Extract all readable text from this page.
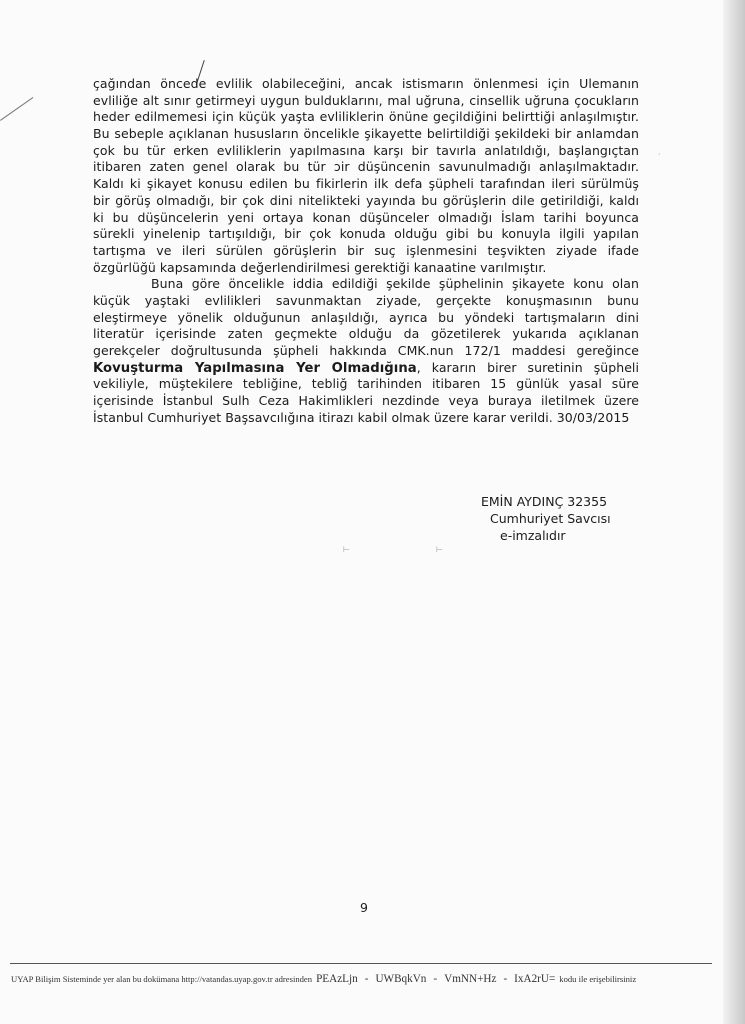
çağından öncede evlilik olabileceğini, ancak istismarın önlenmesi için Ulemanın
evliliğe alt sınır getirmeyi uygun bulduklarını, mal uğruna, cinsellik uğruna çocukların
heder edilmemesi için küçük yaşta evliliklerin önüne geçildiğini belirttiği anlaşılmıştır.
Bu sebeple açıklanan hususların öncelikle şikayette belirtildiği şekildeki bir anlamdan
çok bu tür erken evliliklerin yapılmasına karşı bir tavırla anlatıldığı, başlangıçtan
itibaren zaten genel olarak bu tür ɔir düşüncenin savunulmadığı anlaşılmaktadır.
Kaldı ki şikayet konusu edilen bu fikirlerin ilk defa şüpheli tarafından ileri sürülmüş
bir görüş olmadığı, bir çok dini nitelikteki yayında bu görüşlerin dile getirildiği, kaldı
ki bu düşüncelerin yeni ortaya konan düşünceler olmadığı İslam tarihi boyunca
sürekli yinelenip tartışıldığı, bir çok konuda olduğu gibi bu konuyla ilgili yapılan
tartışma ve ileri sürülen görüşlerin bir suç işlenmesini teşvikten ziyade ifade
özgürlüğü kapsamında değerlendirilmesi gerektiği kanaatine varılmıştır.
Buna göre öncelikle iddia edildiği şekilde şüphelinin şikayete konu olan
küçük yaştaki evlilikleri savunmaktan ziyade, gerçekte konuşmasının bunu
eleştirmeye yönelik olduğunun anlaşıldığı, ayrıca bu yöndeki tartışmaların dini
literatür içerisinde zaten geçmekte olduğu da gözetilerek yukarıda açıklanan
gerekçeler doğrultusunda şüpheli hakkında CMK.nun 172/1 maddesi gereğince
Kovuşturma Yapılmasına Yer Olmadığına, kararın birer suretinin şüpheli
vekiliyle, müştekilere tebliğine, tebliğ tarihinden itibaren 15 günlük yasal süre
içerisinde İstanbul Sulh Ceza Hakimlikleri nezdinde veya buraya iletilmek üzere
İstanbul Cumhuriyet Başsavcılığına itirazı kabil olmak üzere karar verildi. 30/03/2015
EMİN AYDINÇ 32355
Cumhuriyet Savcısı
e-imzalıdır
⊢	⊢
·
9
UYAP Bilişim Sisteminde yer alan bu dokümana http://vatandas.uyap.gov.tr adresinden PEAzLjn - UWBqkVn - VmNN+Hz - IxA2rU= kodu ile erişebilirsiniz
